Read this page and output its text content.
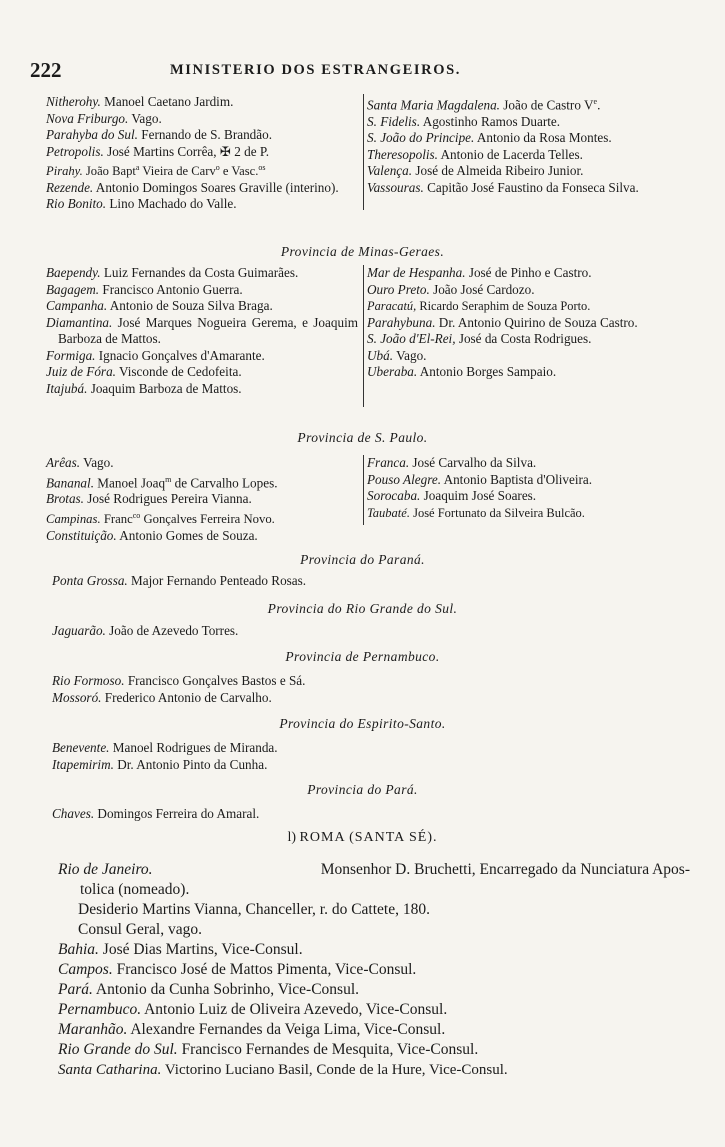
222	MINISTERIO DOS ESTRANGEIROS.
Nitherohy. Manoel Caetano Jardim.
Nova Friburgo. Vago.
Parahyba do Sul. Fernando de S. Brandão.
Petropolis. José Martins Corrêa, ✠ 2 de P.
Pirahy. João Bapt$^a$ Vieira de Carv$^o$ e Vasc.$^{os}$
Rezende. Antonio Domingos Soares Graville (interino).
Rio Bonito. Lino Machado do Valle.
Santa Maria Magdalena. João de Castro Ve.
S. Fidelis. Agostinho Ramos Duarte.
S. João do Principe. Antonio da Rosa Montes.
Theresopolis. Antonio de Lacerda Telles.
Valença. José de Almeida Ribeiro Junior.
Vassouras. Capitão José Faustino da Fonseca Silva.
Provincia de Minas-Geraes.
Baependy. Luiz Fernandes da Costa Guimarães.
Bagagem. Francisco Antonio Guerra.
Campanha. Antonio de Souza Silva Braga.
Diamantina. José Marques Nogueira Gerema, e Joaquim Barboza de Mattos.
Formiga. Ignacio Gonçalves d'Amarante.
Juiz de Fóra. Visconde de Cedofeita.
Itajubá. Joaquim Barboza de Mattos.
Mar de Hespanha. José de Pinho e Castro.
Ouro Preto. João José Cardozo.
Paracatú, Ricardo Seraphim de Souza Porto.
Parahybuna. Dr. Antonio Quirino de Souza Castro.
S. João d'El-Rei, José da Costa Rodrigues.
Ubá. Vago.
Uberaba. Antonio Borges Sampaio.
Provincia de S. Paulo.
Arêas. Vago.
Bananal. Manoel Joaq$^m$ de Carvalho Lopes.
Brotas. José Rodrigues Pereira Vianna.
Campinas. Franc$^{co}$ Gonçalves Ferreira Novo.
Constituição. Antonio Gomes de Souza.
Franca. José Carvalho da Silva.
Pouso Alegre. Antonio Baptista d'Oliveira.
Sorocaba. Joaquim José Soares.
Taubaté. José Fortunato da Silveira Bulcão.
Provincia do Paraná.
Ponta Grossa. Major Fernando Penteado Rosas.
Provincia do Rio Grande do Sul.
Jaguarão. João de Azevedo Torres.
Provincia de Pernambuco.
Rio Formoso. Francisco Gonçalves Bastos e Sá.
Mossoró. Frederico Antonio de Carvalho.
Provincia do Espirito-Santo.
Benevente. Manoel Rodrigues de Miranda.
Itapemirim. Dr. Antonio Pinto da Cunha.
Provincia do Pará.
Chaves. Domingos Ferreira do Amaral.
l) ROMA (SANTA SÉ).
Rio de Janeiro.	Monsenhor D. Bruchetti, Encarregado da Nunciatura Apos-
tolica (nomeado).
Desiderio Martins Vianna, Chanceller, r. do Cattete, 180.
Consul Geral, vago.
Bahia. José Dias Martins, Vice-Consul.
Campos. Francisco José de Mattos Pimenta, Vice-Consul.
Pará. Antonio da Cunha Sobrinho, Vice-Consul.
Pernambuco. Antonio Luiz de Oliveira Azevedo, Vice-Consul.
Maranhão. Alexandre Fernandes da Veiga Lima, Vice-Consul.
Rio Grande do Sul. Francisco Fernandes de Mesquita, Vice-Consul.
Santa Catharina. Victorino Luciano Basil, Conde de la Hure, Vice-Consul.
